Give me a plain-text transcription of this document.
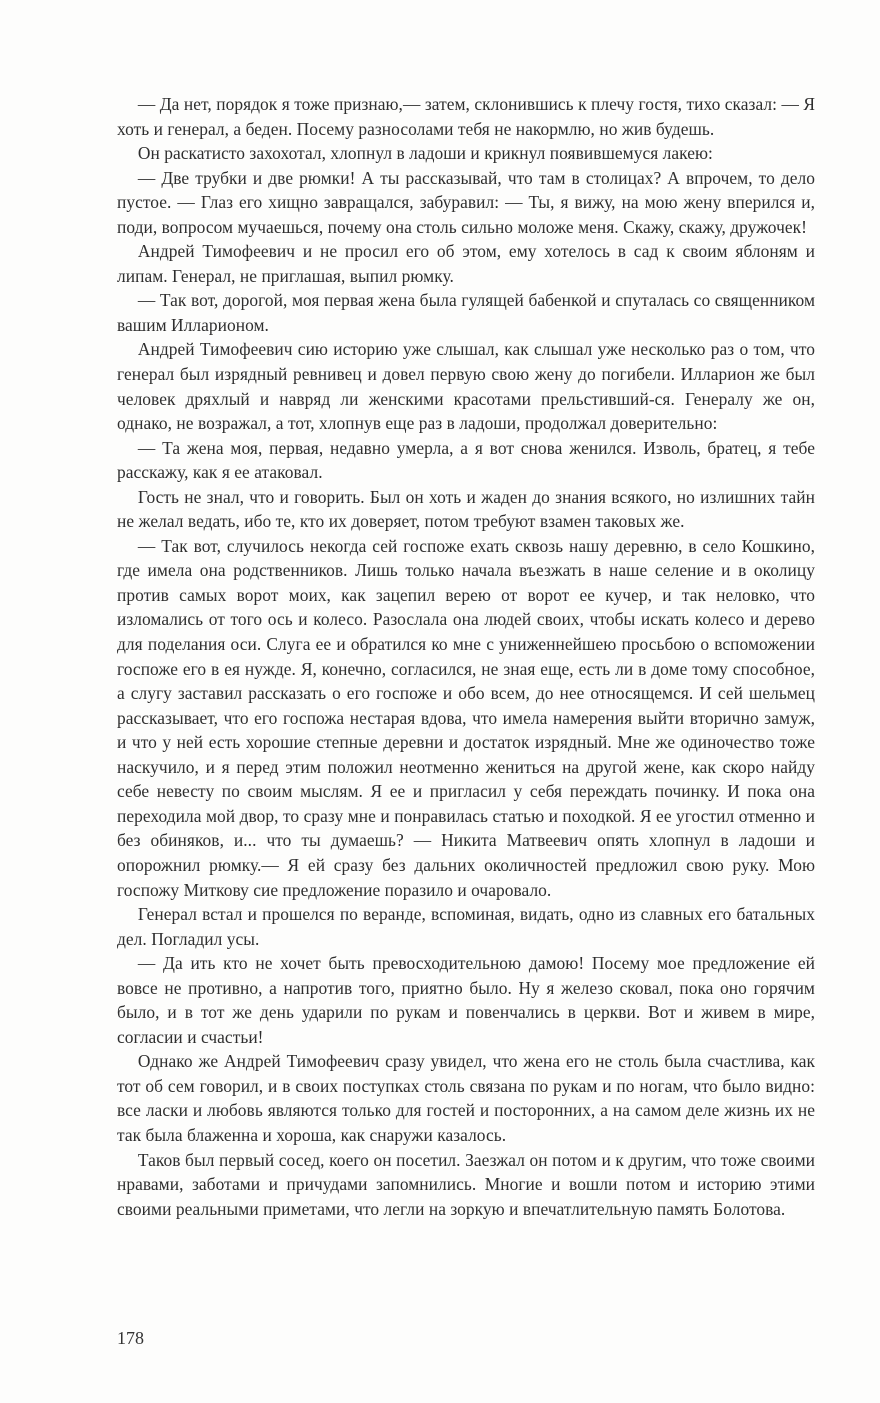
— Да нет, порядок я тоже признаю,— затем, склонившись к плечу гостя, тихо сказал: — Я хоть и генерал, а беден. Посему разносолами тебя не накормлю, но жив будешь.

Он раскатисто захохотал, хлопнул в ладоши и крикнул появившемуся лакею:

— Две трубки и две рюмки! А ты рассказывай, что там в столицах? А впрочем, то дело пустое. — Глаз его хищно завращался, забуравил: — Ты, я вижу, на мою жену вперился и, поди, вопросом мучаешься, почему она столь сильно моложе меня. Скажу, скажу, дружочек!

Андрей Тимофеевич и не просил его об этом, ему хотелось в сад к своим яблоням и липам. Генерал, не приглашая, выпил рюмку.

— Так вот, дорогой, моя первая жена была гулящей бабенкой и спуталась со священником вашим Илларионом.

Андрей Тимофеевич сию историю уже слышал, как слышал уже несколько раз о том, что генерал был изрядный ревнивец и довел первую свою жену до погибели. Илларион же был человек дряхлый и навряд ли женскими красотами прельстивший-ся. Генералу же он, однако, не возражал, а тот, хлопнув еще раз в ладоши, продолжал доверительно:

— Та жена моя, первая, недавно умерла, а я вот снова женился. Изволь, братец, я тебе расскажу, как я ее атаковал.

Гость не знал, что и говорить. Был он хоть и жаден до знания всякого, но излишних тайн не желал ведать, ибо те, кто их доверяет, потом требуют взамен таковых же.

— Так вот, случилось некогда сей госпоже ехать сквозь нашу деревню, в село Кошкино, где имела она родственников. Лишь только начала въезжать в наше селение и в околицу против самых ворот моих, как зацепил верею от ворот ее кучер, и так неловко, что изломались от того ось и колесо. Разослала она людей своих, чтобы искать колесо и дерево для поделания оси. Слуга ее и обратился ко мне с униженнейшею просьбою о вспоможении госпоже его в ея нужде. Я, конечно, согласился, не зная еще, есть ли в доме тому способное, а слугу заставил рассказать о его госпоже и обо всем, до нее относящемся. И сей шельмец рассказывает, что его госпожа нестарая вдова, что имела намерения выйти вторично замуж, и что у ней есть хорошие степные деревни и достаток изрядный. Мне же одиночество тоже наскучило, и я перед этим положил неотменно жениться на другой жене, как скоро найду себе невесту по своим мыслям. Я ее и пригласил у себя переждать починку. И пока она переходила мой двор, то сразу мне и понравилась статью и походкой. Я ее угостил отменно и без обиняков, и... что ты думаешь? — Никита Матвеевич опять хлопнул в ладоши и опорожнил рюмку.— Я ей сразу без дальних околичностей предложил свою руку. Мою госпожу Миткову сие предложение поразило и очаровало.

Генерал встал и прошелся по веранде, вспоминая, видать, одно из славных его батальных дел. Погладил усы.

— Да ить кто не хочет быть превосходительною дамою! Посему мое предложение ей вовсе не противно, а напротив того, приятно было. Ну я железо сковал, пока оно горячим было, и в тот же день ударили по рукам и повенчались в церкви. Вот и живем в мире, согласии и счастьи!

Однако же Андрей Тимофеевич сразу увидел, что жена его не столь была счастлива, как тот об сем говорил, и в своих поступках столь связана по рукам и по ногам, что было видно: все ласки и любовь являются только для гостей и посторонних, а на самом деле жизнь их не так была блаженна и хороша, как снаружи казалось.

Таков был первый сосед, коего он посетил. Заезжал он потом и к другим, что тоже своими нравами, заботами и причудами запомнились. Многие и вошли потом и историю этими своими реальными приметами, что легли на зоркую и впечатлительную память Болотова.

178
